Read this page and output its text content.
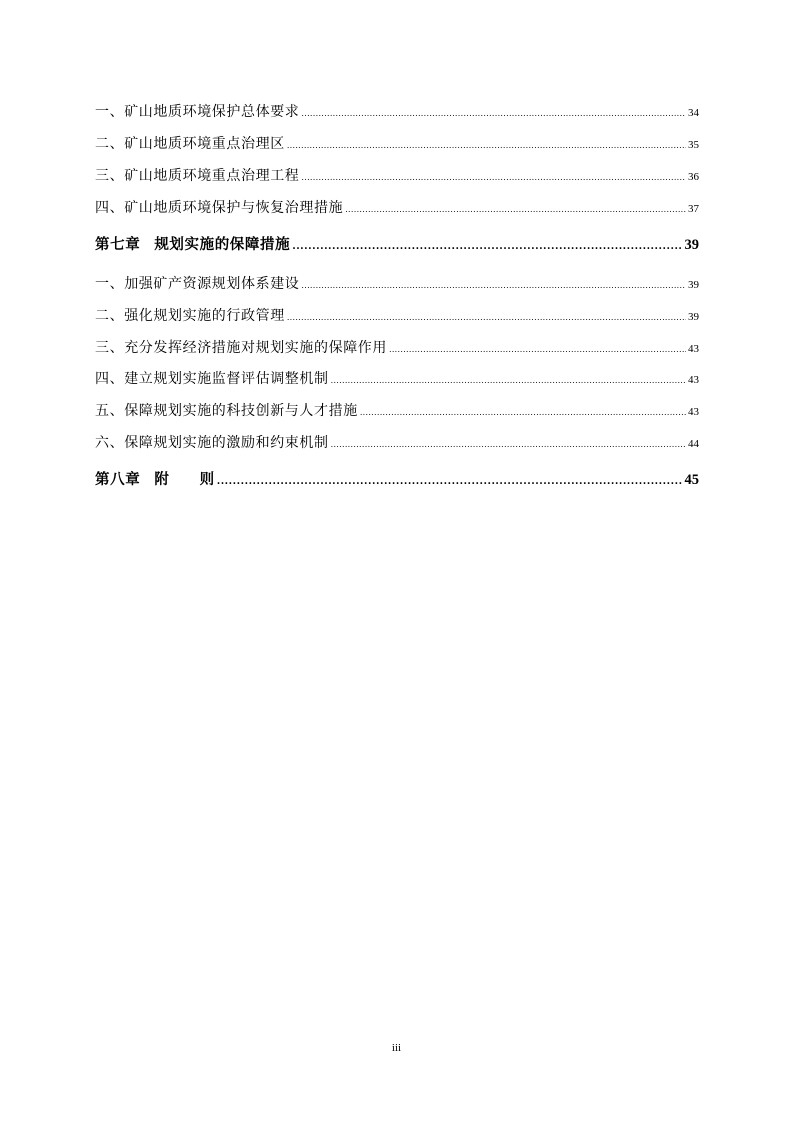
一、矿山地质环境保护总体要求 .....	34
二、矿山地质环境重点治理区 .....	35
三、矿山地质环境重点治理工程 .....	36
四、矿山地质环境保护与恢复治理措施 .....	37
第七章 规划实施的保障措施 .....	39
一、加强矿产资源规划体系建设 .....	39
二、强化规划实施的行政管理 .....	39
三、充分发挥经济措施对规划实施的保障作用 .....	43
四、建立规划实施监督评估调整机制 .....	43
五、保障规划实施的科技创新与人才措施 .....	43
六、保障规划实施的激励和约束机制 .....	44
第八章 附　　则 .....	45
iii
